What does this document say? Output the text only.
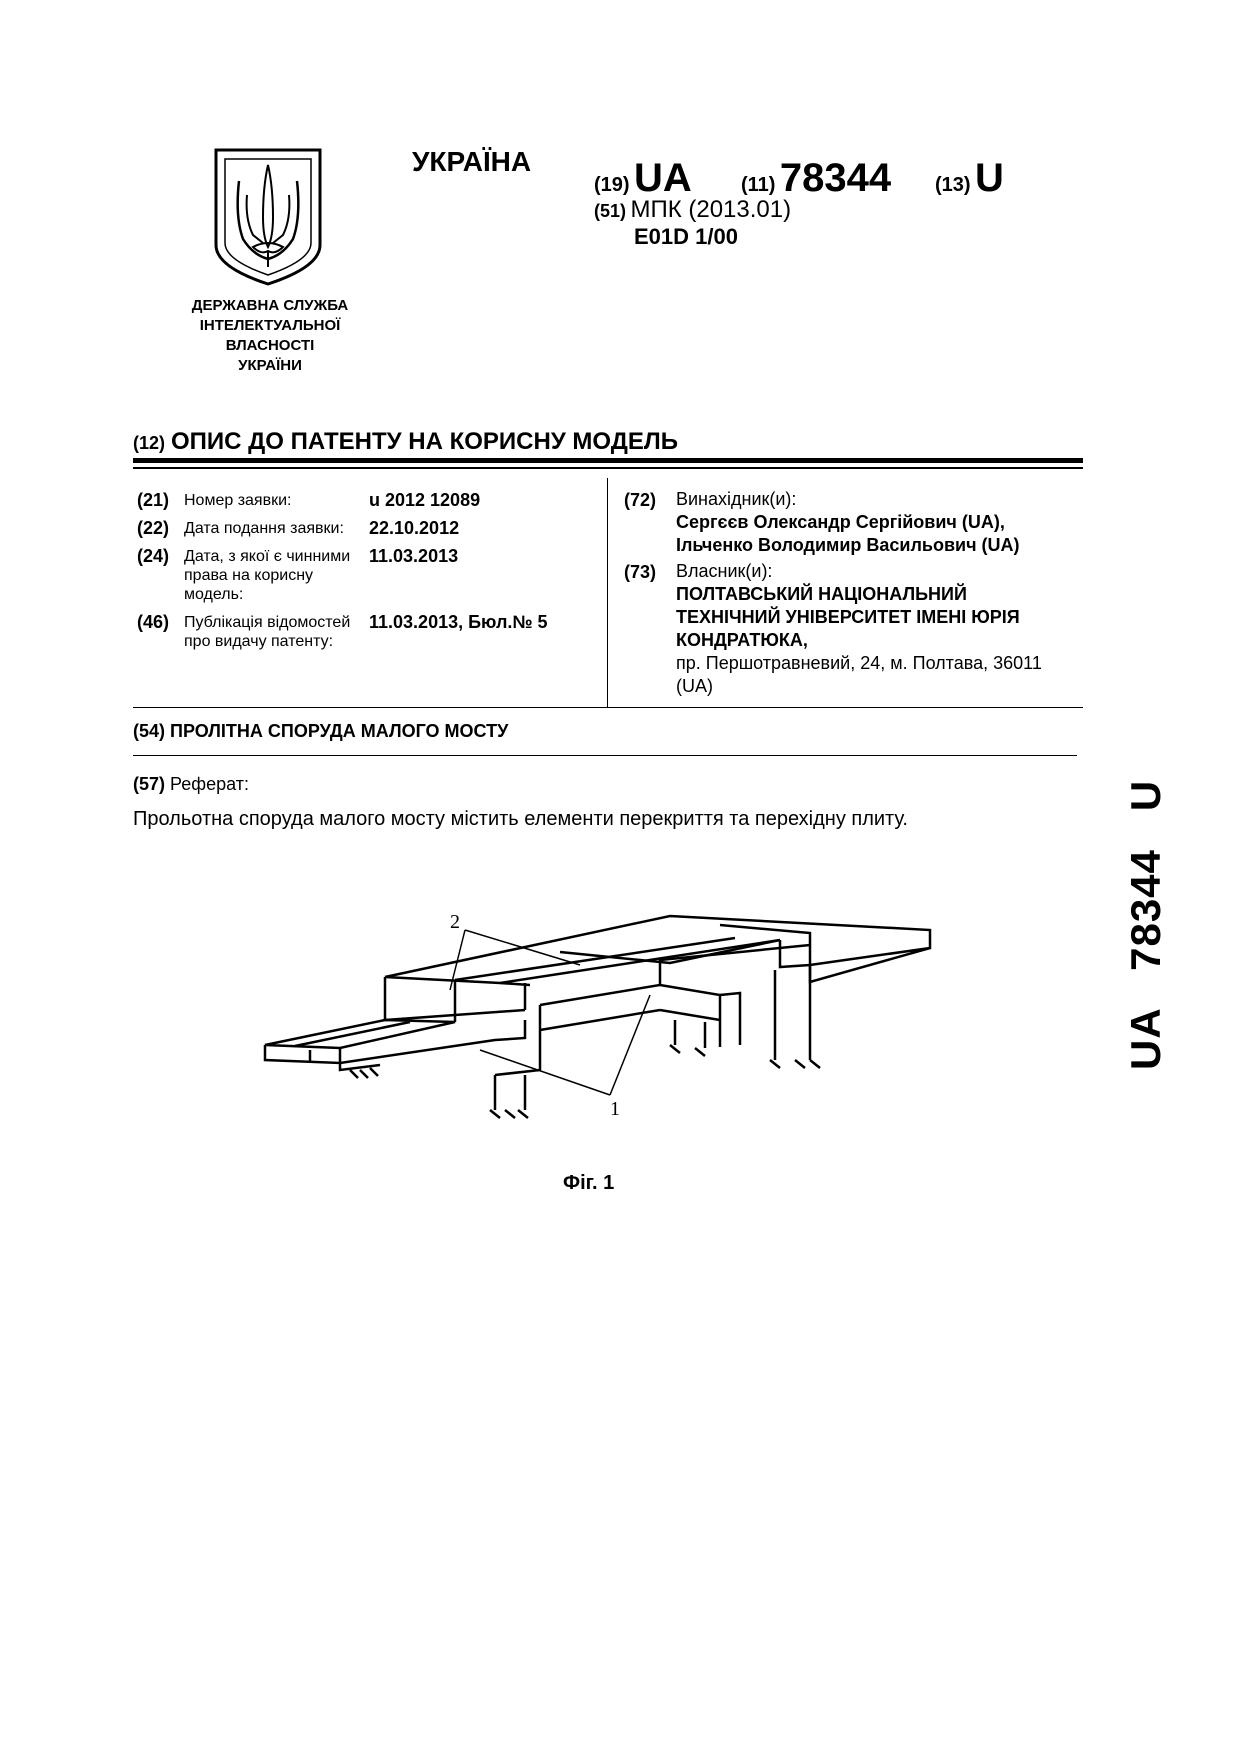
ДЕРЖАВНА СЛУЖБА
ІНТЕЛЕКТУАЛЬНОЇ
ВЛАСНОСТІ
УКРАЇНИ
УКРАЇНА
(19) UA (11) 78344 (13) U
(51) МПК (2013.01)
E01D 1/00
(12) ОПИС ДО ПАТЕНТУ НА КОРИСНУ МОДЕЛЬ
(21) Номер заявки:	u 2012 12089
(22) Дата подання заявки: 22.10.2012
(24) Дата, з якої є чинними
права на корисну
модель:
11.03.2013
(46) Публікація відомостей
про видачу патенту:
11.03.2013, Бюл.№ 5
(72) Винахідник(и):
Сергєєв Олександр Сергійович (UA),
Ільченко Володимир Васильович (UA)
(73) Власник(и):
ПОЛТАВСЬКИЙ НАЦІОНАЛЬНИЙ
ТЕХНІЧНИЙ УНІВЕРСИТЕТ ІМЕНІ ЮРІЯ
КОНДРАТЮКА,
пр. Першотравневий, 24, м. Полтава, 36011
(UA)
(54) ПРОЛІТНА СПОРУДА МАЛОГО МОСТУ
(57) Реферат:
Прольотна споруда малого мосту містить елементи перекриття та перехідну плиту.
2
1
Фіг. 1
UA   78344   U
